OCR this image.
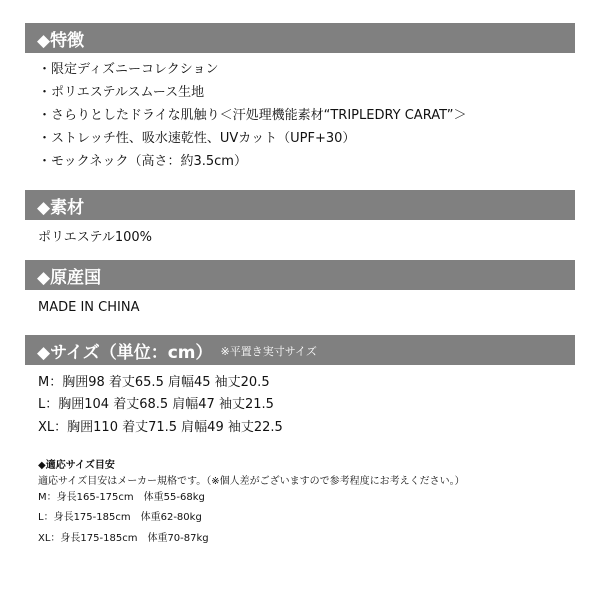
◆特徴
・限定ディズニーコレクション
・ポリエステルスムース生地
・さらりとしたドライな肌触り＜汗処理機能素材“TRIPLEDRY CARAT”＞
・ストレッチ性、吸水速乾性、UVカット（UPF+30）
・モックネック（高さ：約3.5cm）
◆素材
ポリエステル100%
◆原産国
MADE IN CHINA
◆サイズ（単位：cm） ※平置き実寸サイズ
M：胸囲98 着丈65.5 肩幅45 袖丈20.5
L：胸囲104 着丈68.5 肩幅47 袖丈21.5
XL：胸囲110 着丈71.5 肩幅49 袖丈22.5
◆適応サイズ目安
適応サイズ目安はメーカー規格です。（※個人差がございますので参考程度にお考えください。）
M：身長165-175cm　体重55-68kg
L：身長175-185cm　体重62-80kg
XL：身長175-185cm　体重70-87kg
